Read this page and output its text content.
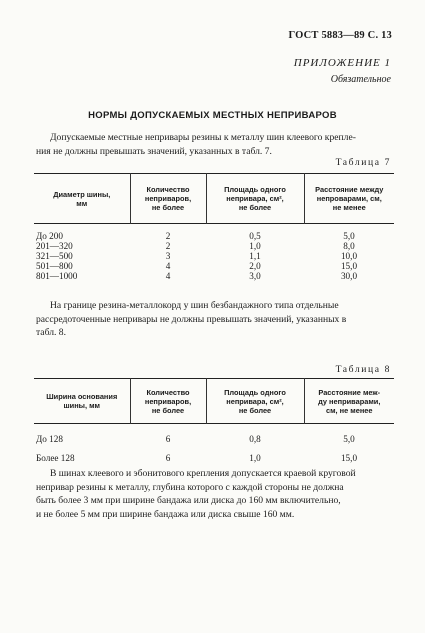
ГОСТ 5883—89 С. 13
ПРИЛОЖЕНИЕ 1
Обязательное
НОРМЫ ДОПУСКАЕМЫХ МЕСТНЫХ НЕПРИВАРОВ
Допускаемые местные непривары резины к металлу шин клеевого крепле-
ния не должны превышать значений, указанных в табл. 7.
Таблица 7
Диаметр шины,
мм	Количество
неприваров,
не более	Площадь одного
непривара, см²,
не более	Расстояние между
непроварами, см,
не менее

До 200	2	0,5	5,0
201—320	2	1,0	8,0
321—500	3	1,1	10,0
501—800	4	2,0	15,0
801—1000	4	3,0	30,0
На границе резина-металлокорд у шин безбандажного типа отдельные
рассредоточенные непривары не должны превышать значений, указанных в
табл. 8.
Таблица 8
Ширина основания
шины, мм	Количество
неприваров,
не более	Площадь одного
непривара, см²,
не более	Расстояние меж-
ду неприварами,
см, не менее

До 128	6	0,8	5,0
Более 128	6	1,0	15,0
В шинах клеевого и эбонитового крепления допускается краевой круговой
непривар резины к металлу, глубина которого с каждой стороны не должна
быть более 3 мм при ширине бандажа или диска до 160 мм включительно,
и не более 5 мм при ширине бандажа или диска свыше 160 мм.
